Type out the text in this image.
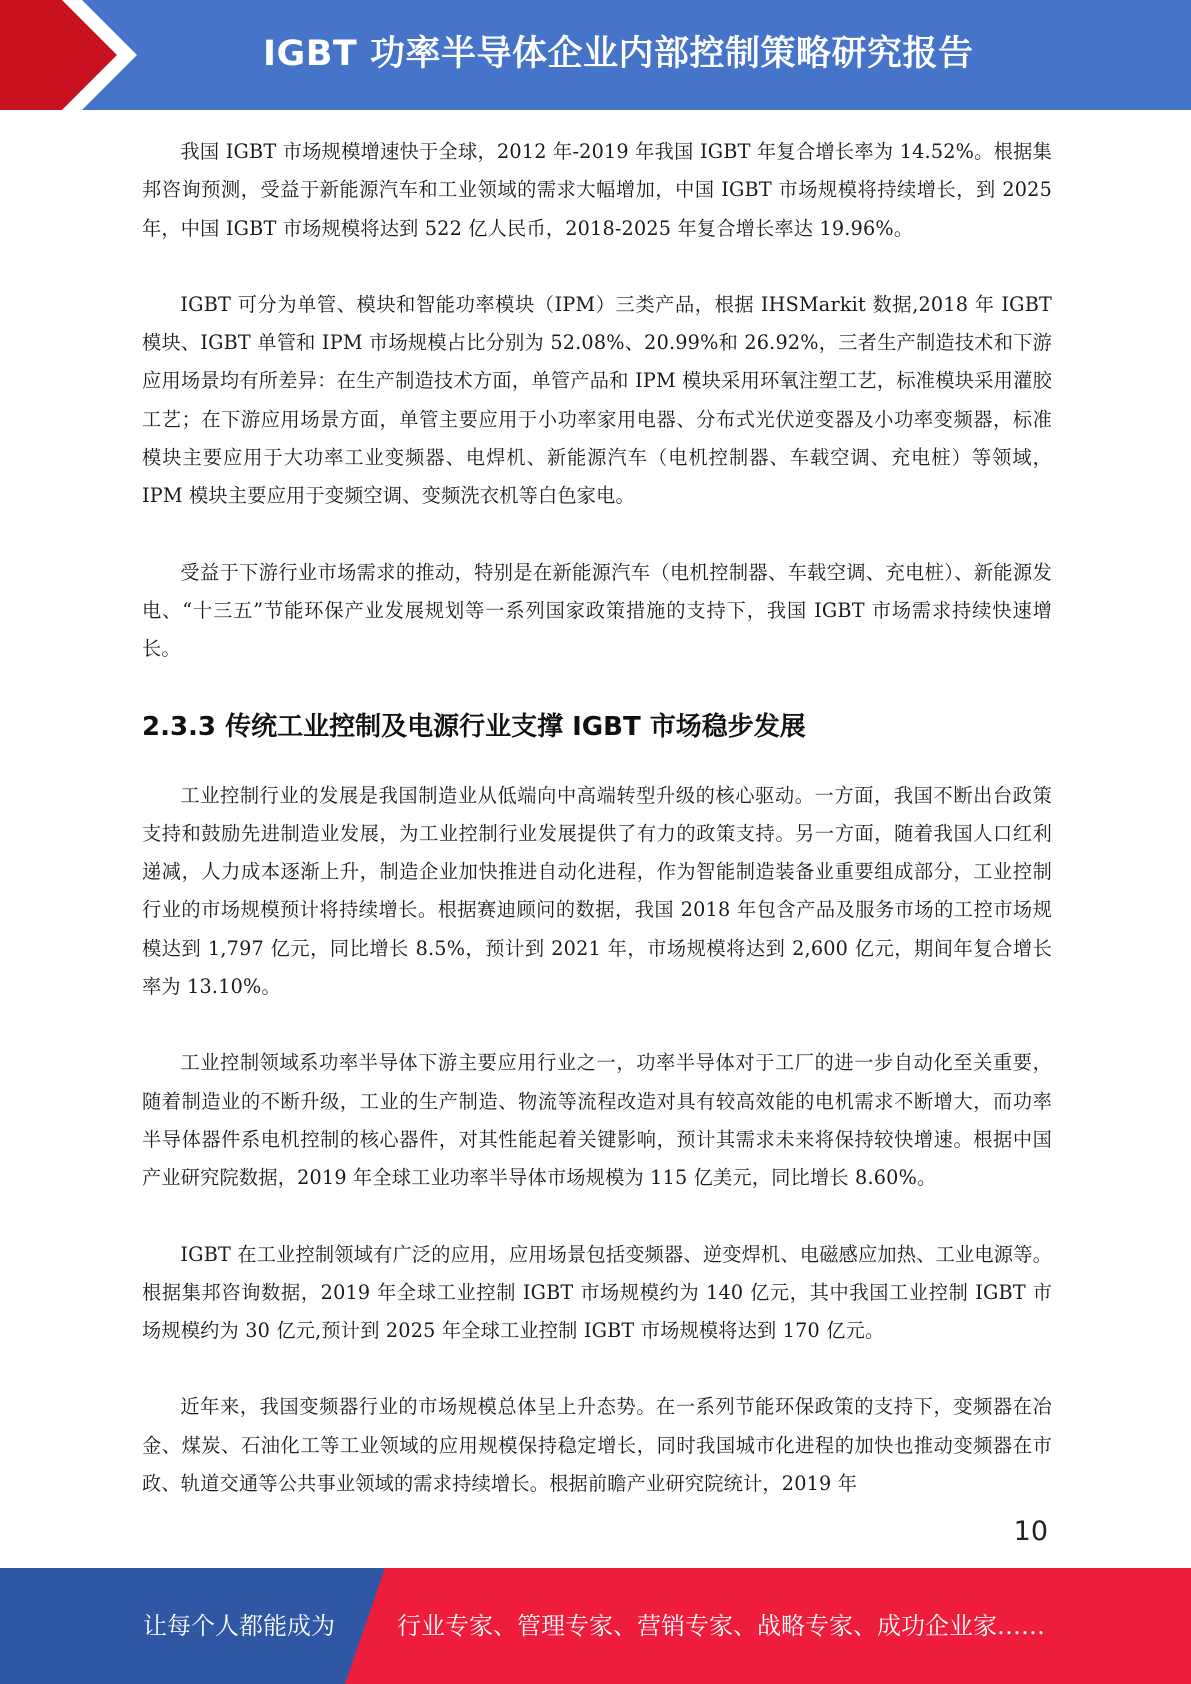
IGBT 功率半导体企业内部控制策略研究报告

我国 IGBT 市场规模增速快于全球，2012 年-2019 年我国 IGBT 年复合增长率为 14.52%。根据集邦咨询预测，受益于新能源汽车和工业领域的需求大幅增加，中国 IGBT 市场规模将持续增长，到 2025 年，中国 IGBT 市场规模将达到 522 亿人民币，2018-2025 年复合增长率达 19.96%。

IGBT 可分为单管、模块和智能功率模块（IPM）三类产品，根据 IHSMarkit 数据,2018 年 IGBT 模块、IGBT 单管和 IPM 市场规模占比分别为 52.08%、20.99%和 26.92%，三者生产制造技术和下游应用场景均有所差异：在生产制造技术方面，单管产品和 IPM 模块采用环氧注塑工艺，标准模块采用灌胶工艺；在下游应用场景方面，单管主要应用于小功率家用电器、分布式光伏逆变器及小功率变频器，标准模块主要应用于大功率工业变频器、电焊机、新能源汽车（电机控制器、车载空调、充电桩）等领域，IPM 模块主要应用于变频空调、变频洗衣机等白色家电。

受益于下游行业市场需求的推动，特别是在新能源汽车（电机控制器、车载空调、充电桩）、新能源发电、“十三五”节能环保产业发展规划等一系列国家政策措施的支持下，我国 IGBT 市场需求持续快速增长。

2.3.3 传统工业控制及电源行业支撑 IGBT 市场稳步发展

工业控制行业的发展是我国制造业从低端向中高端转型升级的核心驱动。一方面，我国不断出台政策支持和鼓励先进制造业发展，为工业控制行业发展提供了有力的政策支持。另一方面，随着我国人口红利递减，人力成本逐渐上升，制造企业加快推进自动化进程，作为智能制造装备业重要组成部分，工业控制行业的市场规模预计将持续增长。根据赛迪顾问的数据，我国 2018 年包含产品及服务市场的工控市场规模达到 1,797 亿元，同比增长 8.5%，预计到 2021 年，市场规模将达到 2,600 亿元，期间年复合增长率为 13.10%。

工业控制领域系功率半导体下游主要应用行业之一，功率半导体对于工厂的进一步自动化至关重要，随着制造业的不断升级，工业的生产制造、物流等流程改造对具有较高效能的电机需求不断增大，而功率半导体器件系电机控制的核心器件，对其性能起着关键影响，预计其需求未来将保持较快增速。根据中国产业研究院数据，2019 年全球工业功率半导体市场规模为 115 亿美元，同比增长 8.60%。

IGBT 在工业控制领域有广泛的应用，应用场景包括变频器、逆变焊机、电磁感应加热、工业电源等。根据集邦咨询数据，2019 年全球工业控制 IGBT 市场规模约为 140 亿元，其中我国工业控制 IGBT 市场规模约为 30 亿元,预计到 2025 年全球工业控制 IGBT 市场规模将达到 170 亿元。

近年来，我国变频器行业的市场规模总体呈上升态势。在一系列节能环保政策的支持下，变频器在冶金、煤炭、石油化工等工业领域的应用规模保持稳定增长，同时我国城市化进程的加快也推动变频器在市政、轨道交通等公共事业领域的需求持续增长。根据前瞻产业研究院统计，2019 年

10
让每个人都能成为	行业专家、管理专家、营销专家、战略专家、成功企业家……
